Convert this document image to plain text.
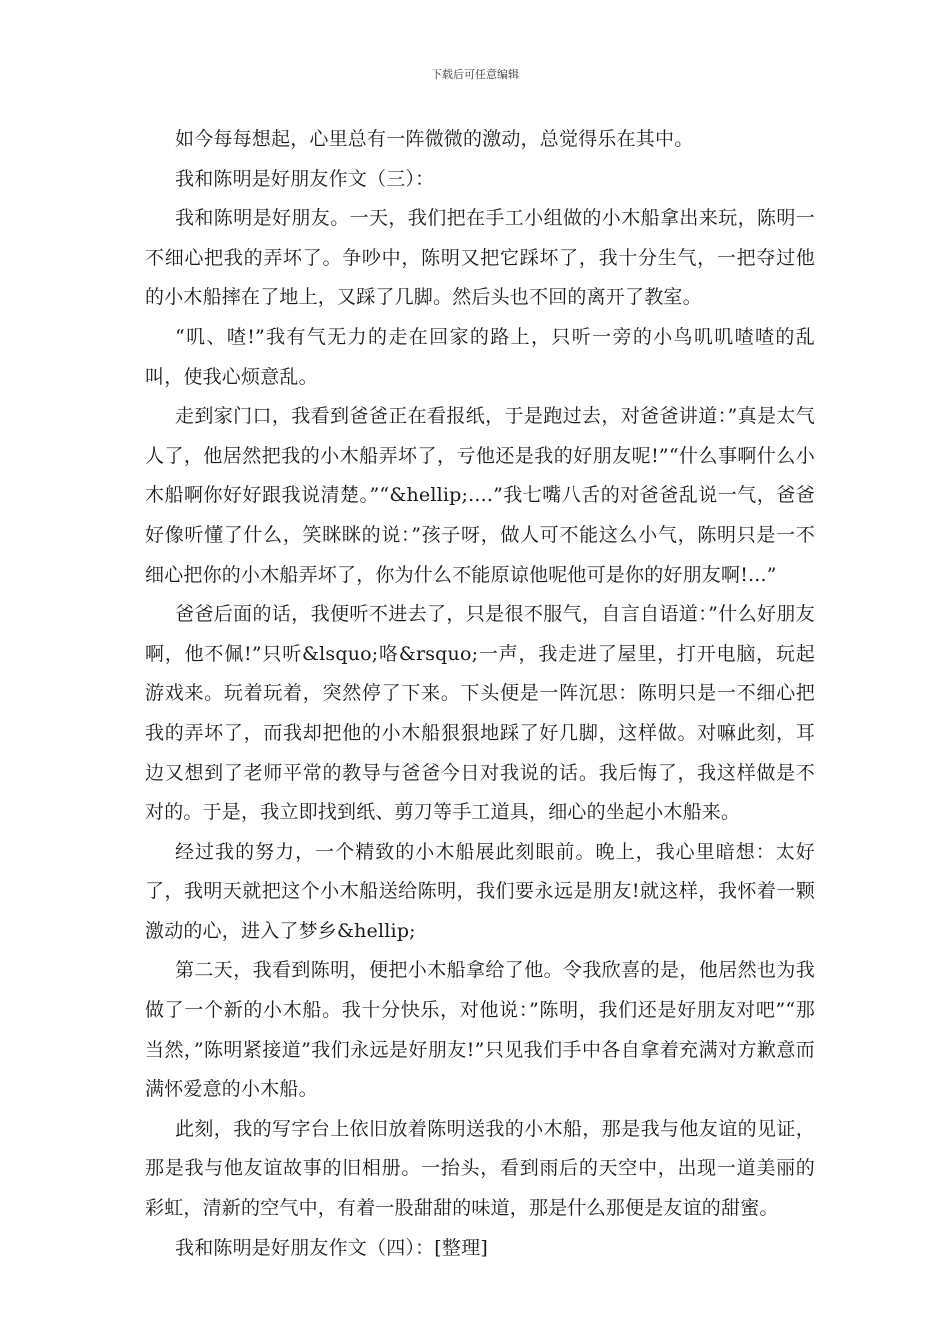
下载后可任意编辑

如今每每想起，心里总有一阵微微的激动，总觉得乐在其中。

我和陈明是好朋友作文（三）：

我和陈明是好朋友。一天，我们把在手工小组做的小木船拿出来玩，陈明一不细心把我的弄坏了。争吵中，陈明又把它踩坏了，我十分生气，一把夺过他的小木船摔在了地上，又踩了几脚。然后头也不回的离开了教室。

“叽、喳!”我有气无力的走在回家的路上，只听一旁的小鸟叽叽喳喳的乱叫，使我心烦意乱。

走到家门口，我看到爸爸正在看报纸，于是跑过去，对爸爸讲道：”真是太气人了，他居然把我的小木船弄坏了，亏他还是我的好朋友呢!”“什么事啊什么小木船啊你好好跟我说清楚。”“&hellip;....”我七嘴八舌的对爸爸乱说一气，爸爸好像听懂了什么，笑眯眯的说：”孩子呀，做人可不能这么小气，陈明只是一不细心把你的小木船弄坏了，你为什么不能原谅他呢他可是你的好朋友啊!...”

爸爸后面的话，我便听不进去了，只是很不服气，自言自语道：”什么好朋友啊，他不佩!”只听&lsquo;咯&rsquo;一声，我走进了屋里，打开电脑，玩起游戏来。玩着玩着，突然停了下来。下头便是一阵沉思：陈明只是一不细心把我的弄坏了，而我却把他的小木船狠狠地踩了好几脚，这样做。对嘛此刻，耳边又想到了老师平常的教导与爸爸今日对我说的话。我后悔了，我这样做是不对的。于是，我立即找到纸、剪刀等手工道具，细心的坐起小木船来。

经过我的努力，一个精致的小木船展此刻眼前。晚上，我心里暗想：太好了，我明天就把这个小木船送给陈明，我们要永远是朋友!就这样，我怀着一颗激动的心，进入了梦乡&hellip;

第二天，我看到陈明，便把小木船拿给了他。令我欣喜的是，他居然也为我做了一个新的小木船。我十分快乐，对他说：”陈明，我们还是好朋友对吧”“那当然，”陈明紧接道”我们永远是好朋友!”只见我们手中各自拿着充满对方歉意而满怀爱意的小木船。

此刻，我的写字台上依旧放着陈明送我的小木船，那是我与他友谊的见证，那是我与他友谊故事的旧相册。一抬头，看到雨后的天空中，出现一道美丽的彩虹，清新的空气中，有着一股甜甜的味道，那是什么那便是友谊的甜蜜。

我和陈明是好朋友作文（四）：[整理]
